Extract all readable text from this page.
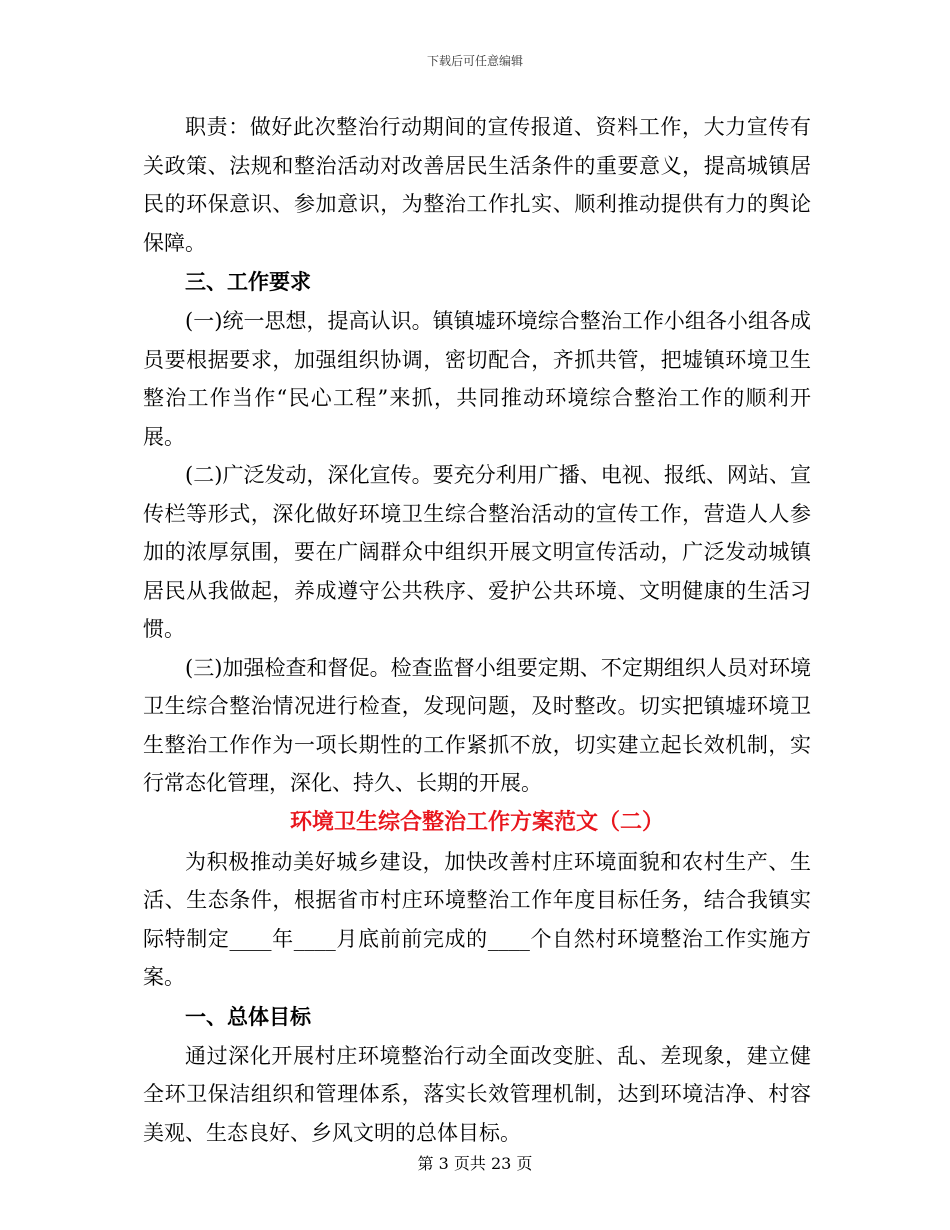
下载后可任意编辑

职责：做好此次整治行动期间的宣传报道、资料工作，大力宣传有关政策、法规和整治活动对改善居民生活条件的重要意义，提高城镇居民的环保意识、参加意识，为整治工作扎实、顺利推动提供有力的舆论保障。

三、工作要求

(一)统一思想，提高认识。镇镇墟环境综合整治工作小组各小组各成员要根据要求，加强组织协调，密切配合，齐抓共管，把墟镇环境卫生整治工作当作“民心工程”来抓，共同推动环境综合整治工作的顺利开展。

(二)广泛发动，深化宣传。要充分利用广播、电视、报纸、网站、宣传栏等形式，深化做好环境卫生综合整治活动的宣传工作，营造人人参加的浓厚氛围，要在广阔群众中组织开展文明宣传活动，广泛发动城镇居民从我做起，养成遵守公共秩序、爱护公共环境、文明健康的生活习惯。

(三)加强检查和督促。检查监督小组要定期、不定期组织人员对环境卫生综合整治情况进行检查，发现问题，及时整改。切实把镇墟环境卫生整治工作作为一项长期性的工作紧抓不放，切实建立起长效机制，实行常态化管理，深化、持久、长期的开展。

环境卫生综合整治工作方案范文（二）

为积极推动美好城乡建设，加快改善村庄环境面貌和农村生产、生活、生态条件，根据省市村庄环境整治工作年度目标任务，结合我镇实际特制定____年____月底前前完成的____个自然村环境整治工作实施方案。

一、总体目标

通过深化开展村庄环境整治行动全面改变脏、乱、差现象，建立健全环卫保洁组织和管理体系，落实长效管理机制，达到环境洁净、村容美观、生态良好、乡风文明的总体目标。

第 3 页共 23 页
